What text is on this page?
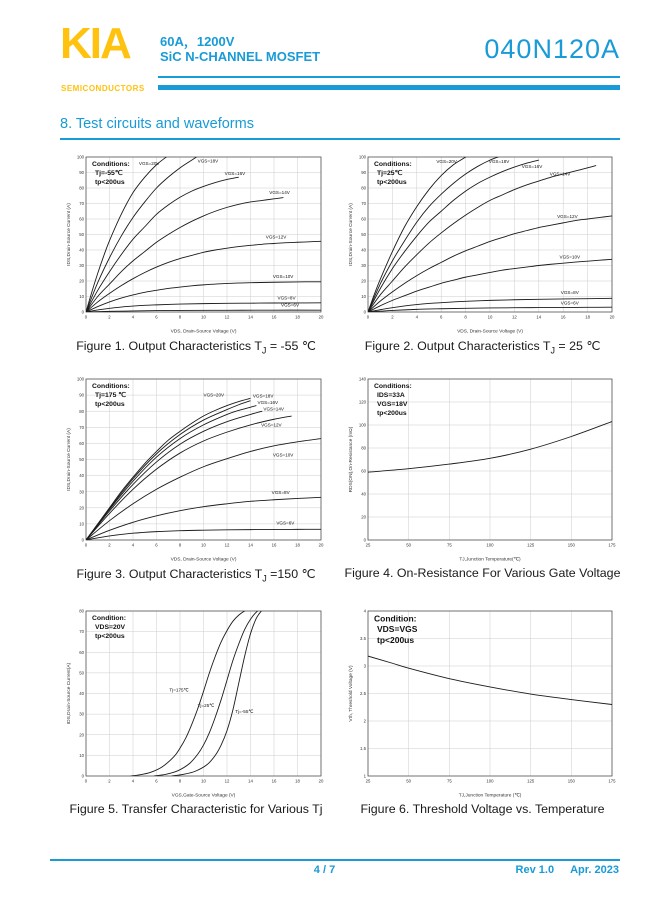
KIA
SEMICONDUCTORS
60A，1200V
SiC N-CHANNEL MOSFET	040N120A
8. Test circuits and waveforms
0	2	4	6	8	10	12	14	16	18	20
0
10
20
30
40
50
60
70
80
90
100
VGS=20V	VGS=18V
VGS=16V
VGS=14V
VGS=12V
VGS=10V
VGS=8V
VGS=6V
Conditions:
Tj=-55℃
tp<200us
VDS, Drain-Source Voltage (V)
IDS,Drain-Source Current (A)
Figure 1. Output Characteristics $T_J = -55$ ℃
0	2	4	6	8	10	12	14	16	18	20
0
10
20
30
40
50
60
70
80
90
100
VGS=20V	VGS=18V
VGS=16V
VGS=14V
VGS=12V
VGS=10V
VGS=8V
VGS=6V
Conditions:
Tj=25℃
tp<200us
VDS, Drain-Source Voltage (V)
IDS,Drain-Source Current (A)
Figure 2. Output Characteristics $T_J = 25$ ℃
0	2	4	6	8	10	12	14	16	18	20
0
10
20
30
40
50
60
70
80
90
100
VGS=20V	VGS=18V
VGS=16V
VGS=14V
VGS=12V
VGS=10V
VGS=8V
VGS=6V
Conditions:
Tj=175 ℃
tp<200us
VDS, Drain-Source Voltage (V)
IDS,Drain-Source Current (A)
Figure 3. Output Characteristics $T_J =150$ ℃
25	50	75	100	125	150	175
0
20
40
60
80
100
120
140
Conditions:
IDS=33A
VGS=18V
tp<200us
TJ,Junction Temperature(℃)
RDS(ON),On-Resistance (mΩ)
Figure 4. On-Resistance For Various Gate Voltage
0	2	4	6	8	10	12	14	16	18	20
0
10
20
30
40
50
60
70
80
Tj=175℃
Tj=25℃
Tj=-55℃
Condition:
VDS=20V
tp<200us
VGS,Gate-Source Voltage (V)
IDS,Drain-Source Current(A)
Figure 5. Transfer Characteristic for Various Tj
25	50	75	100	125	150	175
1
1.5
2
2.5
3
3.5
4
Condition:
VDS=VGS
tp<200us
TJ,Junction Temperature (℃)
Vth, Threshold Voltage (V)
Figure 6. Threshold Voltage vs. Temperature
4 / 7	Rev 1.0 Apr. 2023
